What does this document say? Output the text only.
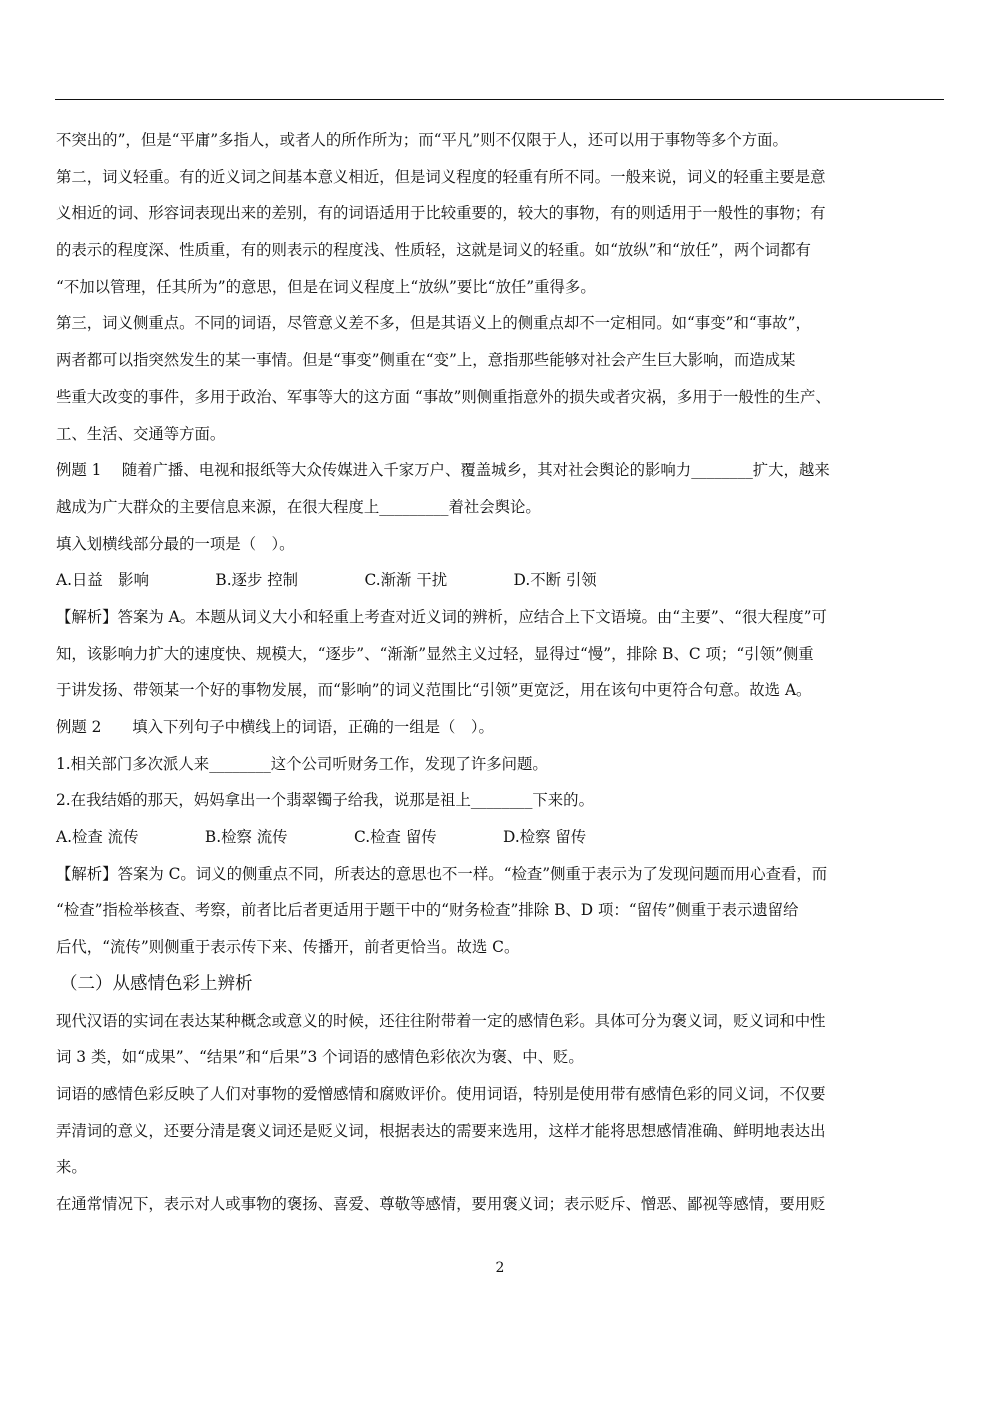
不突出的”，但是“平庸”多指人，或者人的所作所为；而“平凡”则不仅限于人，还可以用于事物等多个方面。
第二，词义轻重。有的近义词之间基本意义相近，但是词义程度的轻重有所不同。一般来说，词义的轻重主要是意
义相近的词、形容词表现出来的差别，有的词语适用于比较重要的，较大的事物，有的则适用于一般性的事物；有
的表示的程度深、性质重，有的则表示的程度浅、性质轻，这就是词义的轻重。如“放纵”和“放任”，两个词都有
“不加以管理，任其所为”的意思，但是在词义程度上“放纵”要比“放任”重得多。
第三，词义侧重点。不同的词语，尽管意义差不多，但是其语义上的侧重点却不一定相同。如“事变”和“事故”，
两者都可以指突然发生的某一事情。但是“事变”侧重在“变”上，意指那些能够对社会产生巨大影响，而造成某
些重大改变的事件，多用于政治、军事等大的这方面 “事故”则侧重指意外的损失或者灾祸，多用于一般性的生产、
工、生活、交通等方面。
例题 1　 随着广播、电视和报纸等大众传媒进入千家万户、覆盖城乡，其对社会舆论的影响力________扩大，越来
越成为广大群众的主要信息来源，在很大程度上_________着社会舆论。
填入划横线部分最的一项是（　）。
A.日益　影响　　　　 B.逐步 控制　　　　 C.渐渐 干扰　　　　 D.不断 引领
【解析】答案为 A。本题从词义大小和轻重上考查对近义词的辨析，应结合上下文语境。由“主要”、“很大程度”可
知，该影响力扩大的速度快、规模大，“逐步”、“渐渐”显然主义过轻，显得过“慢”，排除 B、C 项；“引领”侧重
于讲发扬、带领某一个好的事物发展，而“影响”的词义范围比“引领”更宽泛，用在该句中更符合句意。故选 A。
例题 2　　填入下列句子中横线上的词语，正确的一组是（　）。
1.相关部门多次派人来________这个公司听财务工作，发现了许多问题。
2.在我结婚的那天，妈妈拿出一个翡翠镯子给我，说那是祖上________下来的。
A.检查 流传　　　　 B.检察 流传　　　　 C.检查 留传　　　　 D.检察 留传
【解析】答案为 C。词义的侧重点不同，所表达的意思也不一样。“检查”侧重于表示为了发现问题而用心查看，而
“检查”指检举核查、考察，前者比后者更适用于题干中的“财务检查”排除 B、D 项：“留传”侧重于表示遗留给
后代，“流传”则侧重于表示传下来、传播开，前者更恰当。故选 C。
（二）从感情色彩上辨析
现代汉语的实词在表达某种概念或意义的时候，还往往附带着一定的感情色彩。具体可分为褒义词，贬义词和中性
词 3 类，如“成果”、“结果”和“后果”3 个词语的感情色彩依次为褒、中、贬。
词语的感情色彩反映了人们对事物的爱憎感情和腐败评价。使用词语，特别是使用带有感情色彩的同义词，不仅要
弄清词的意义，还要分清是褒义词还是贬义词，根据表达的需要来选用，这样才能将思想感情准确、鲜明地表达出
来。
在通常情况下，表示对人或事物的褒扬、喜爱、尊敬等感情，要用褒义词；表示贬斥、憎恶、鄙视等感情，要用贬
2
